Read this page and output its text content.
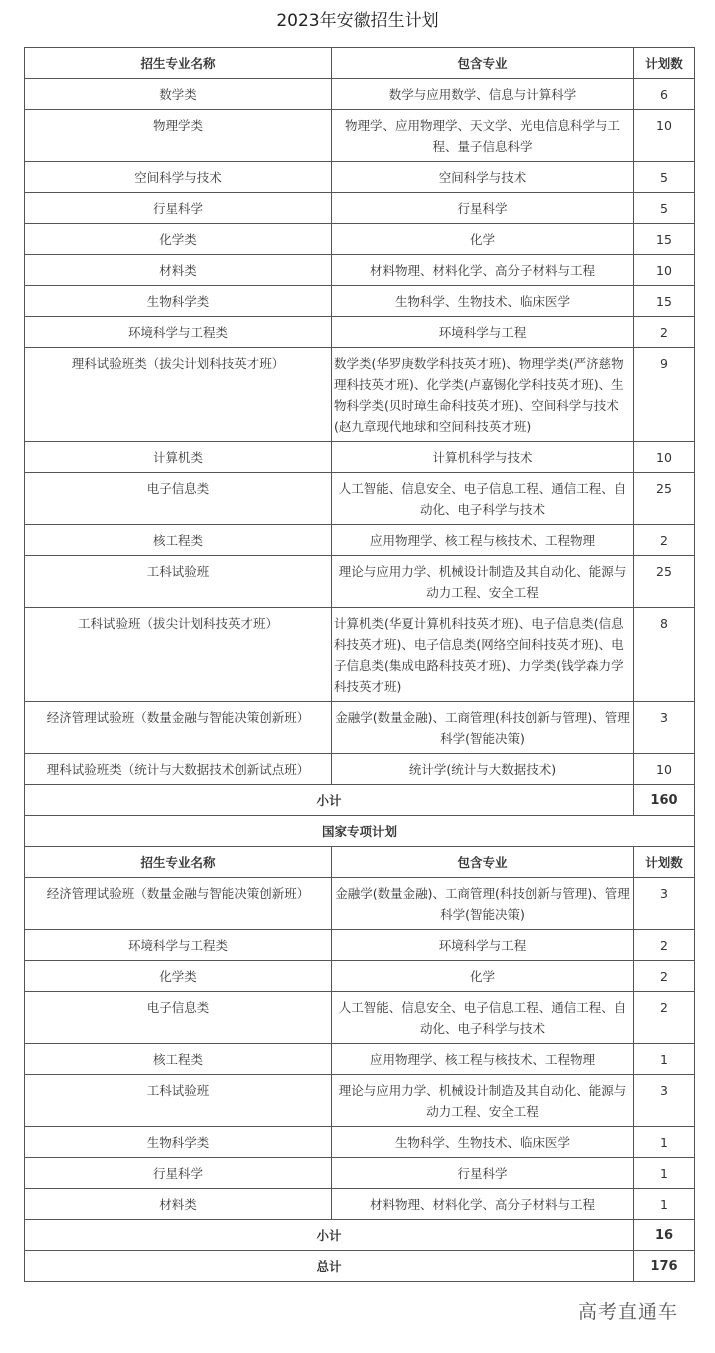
2023年安徽招生计划
招生专业名称	包含专业	计划数
数学类	数学与应用数学、信息与计算科学	6
物理学类	物理学、应用物理学、天文学、光电信息科学与工程、量子信息科学	10
空间科学与技术	空间科学与技术	5
行星科学	行星科学	5
化学类	化学	15
材料类	材料物理、材料化学、高分子材料与工程	10
生物科学类	生物科学、生物技术、临床医学	15
环境科学与工程类	环境科学与工程	2
理科试验班类（拔尖计划科技英才班）	数学类(华罗庚数学科技英才班)、物理学类(严济慈物理科技英才班)、化学类(卢嘉锡化学科技英才班)、生物科学类(贝时璋生命科技英才班)、空间科学与技术(赵九章现代地球和空间科技英才班)	9
计算机类	计算机科学与技术	10
电子信息类	人工智能、信息安全、电子信息工程、通信工程、自动化、电子科学与技术	25
核工程类	应用物理学、核工程与核技术、工程物理	2
工科试验班	理论与应用力学、机械设计制造及其自动化、能源与动力工程、安全工程	25
工科试验班（拔尖计划科技英才班）	计算机类(华夏计算机科技英才班)、电子信息类(信息科技英才班)、电子信息类(网络空间科技英才班)、电子信息类(集成电路科技英才班)、力学类(钱学森力学科技英才班)	8
经济管理试验班（数量金融与智能决策创新班）	金融学(数量金融)、工商管理(科技创新与管理)、管理科学(智能决策)	3
理科试验班类（统计与大数据技术创新试点班）	统计学(统计与大数据技术)	10
小计		160
国家专项计划		
招生专业名称	包含专业	计划数
经济管理试验班（数量金融与智能决策创新班）	金融学(数量金融)、工商管理(科技创新与管理)、管理科学(智能决策)	3
环境科学与工程类	环境科学与工程	2
化学类	化学	2
电子信息类	人工智能、信息安全、电子信息工程、通信工程、自动化、电子科学与技术	2
核工程类	应用物理学、核工程与核技术、工程物理	1
工科试验班	理论与应用力学、机械设计制造及其自动化、能源与动力工程、安全工程	3
生物科学类	生物科学、生物技术、临床医学	1
行星科学	行星科学	1
材料类	材料物理、材料化学、高分子材料与工程	1
小计		16
总计		176
高考直通车
